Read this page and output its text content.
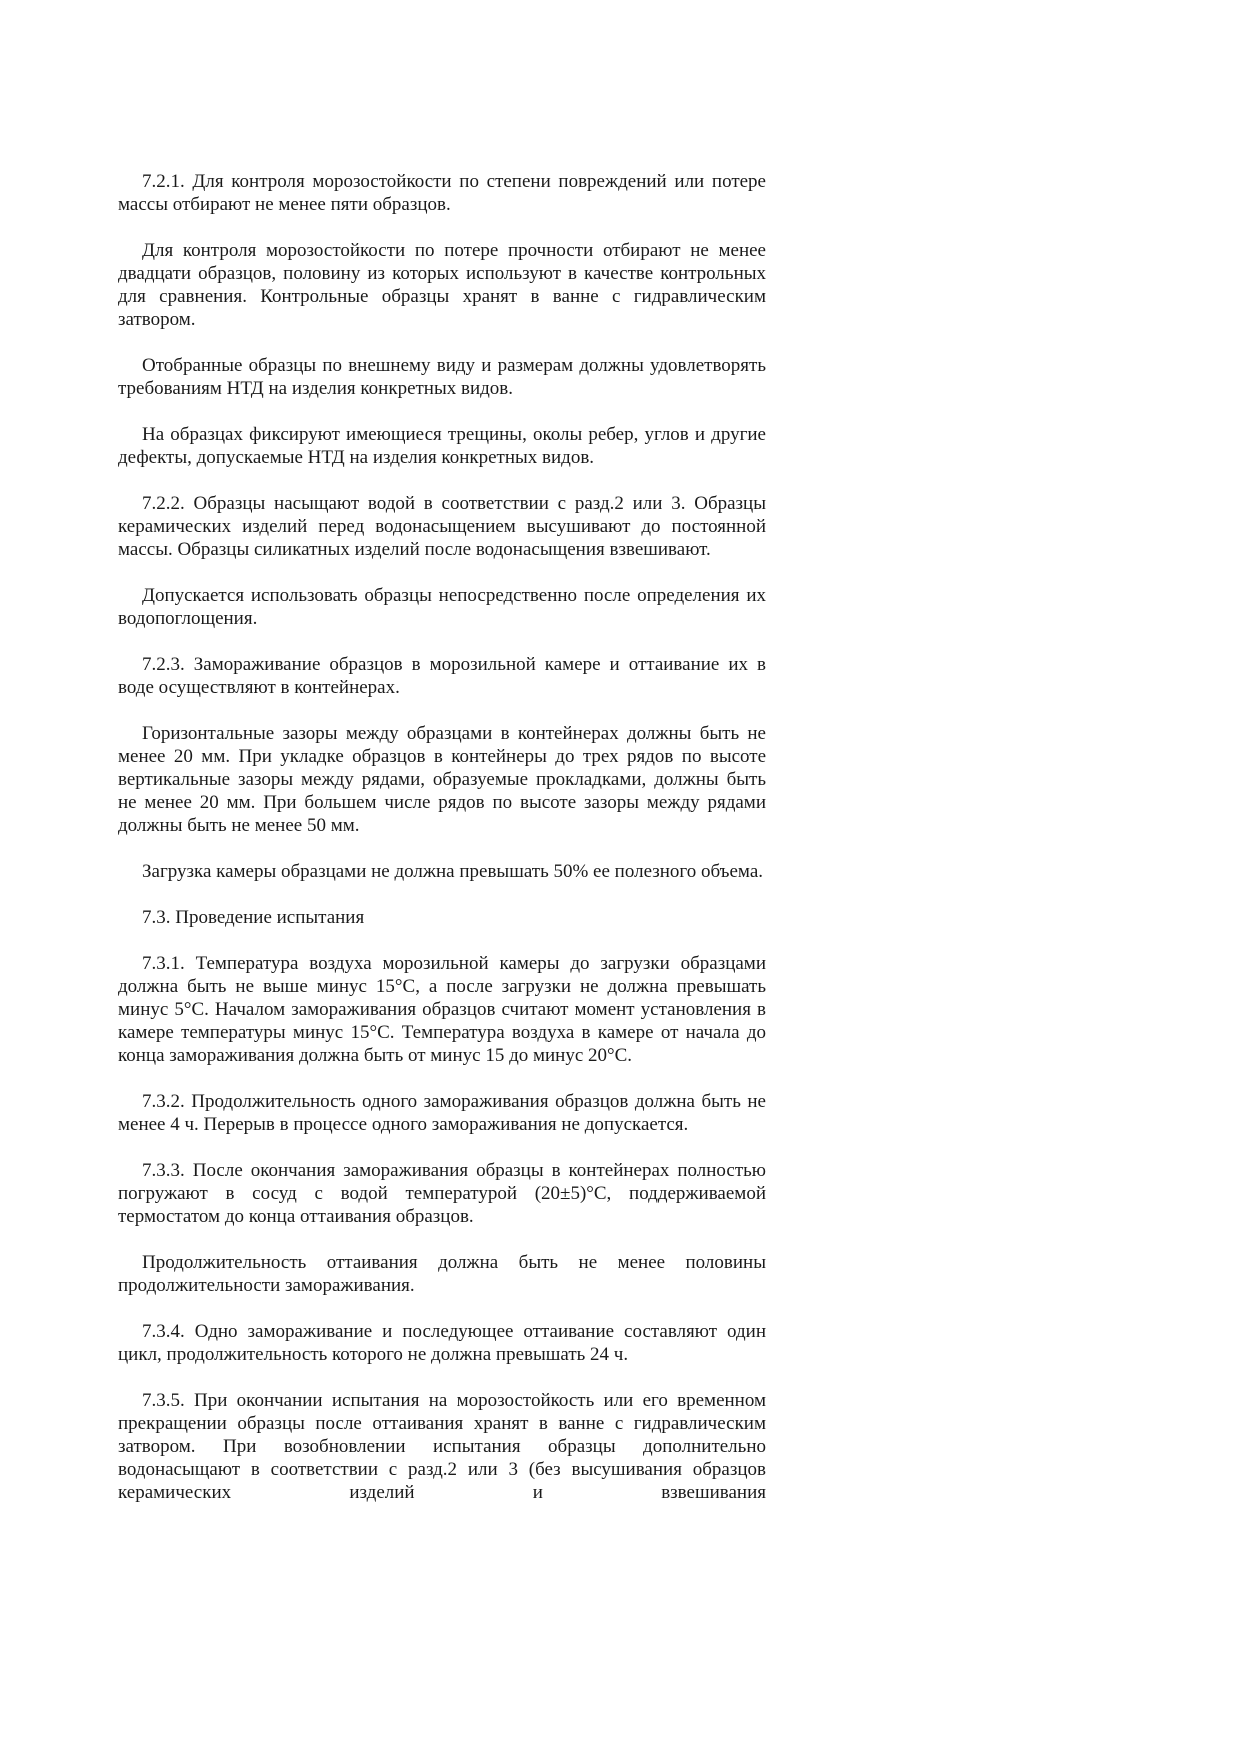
7.2.1. Для контроля морозостойкости по степени повреждений или потере массы отбирают не менее пяти образцов.

Для контроля морозостойкости по потере прочности отбирают не менее двадцати образцов, половину из которых используют в качестве контрольных для сравнения. Контрольные образцы хранят в ванне с гидравлическим затвором.

Отобранные образцы по внешнему виду и размерам должны удовлетворять требованиям НТД на изделия конкретных видов.

На образцах фиксируют имеющиеся трещины, околы ребер, углов и другие дефекты, допускаемые НТД на изделия конкретных видов.

7.2.2. Образцы насыщают водой в соответствии с разд.2 или 3. Образцы керамических изделий перед водонасыщением высушивают до постоянной массы. Образцы силикатных изделий после водонасыщения взвешивают.

Допускается использовать образцы непосредственно после определения их водопоглощения.

7.2.3. Замораживание образцов в морозильной камере и оттаивание их в воде осуществляют в контейнерах.

Горизонтальные зазоры между образцами в контейнерах должны быть не менее 20 мм. При укладке образцов в контейнеры до трех рядов по высоте вертикальные зазоры между рядами, образуемые прокладками, должны быть не менее 20 мм. При большем числе рядов по высоте зазоры между рядами должны быть не менее 50 мм.

Загрузка камеры образцами не должна превышать 50% ее полезного объема.

7.3. Проведение испытания

7.3.1. Температура воздуха морозильной камеры до загрузки образцами должна быть не выше минус 15°С, а после загрузки не должна превышать минус 5°С. Началом замораживания образцов считают момент установления в камере температуры минус 15°С. Температура воздуха в камере от начала до конца замораживания должна быть от минус 15 до минус 20°С.

7.3.2. Продолжительность одного замораживания образцов должна быть не менее 4 ч. Перерыв в процессе одного замораживания не допускается.

7.3.3. После окончания замораживания образцы в контейнерах полностью погружают в сосуд с водой температурой (20±5)°С, поддерживаемой термостатом до конца оттаивания образцов.

Продолжительность оттаивания должна быть не менее половины продолжительности замораживания.

7.3.4. Одно замораживание и последующее оттаивание составляют один цикл, продолжительность которого не должна превышать 24 ч.

7.3.5. При окончании испытания на морозостойкость или его временном прекращении образцы после оттаивания хранят в ванне с гидравлическим затвором. При возобновлении испытания образцы дополнительно водонасыщают в соответствии с разд.2 или 3 (без высушивания образцов керамических изделий и взвешивания
